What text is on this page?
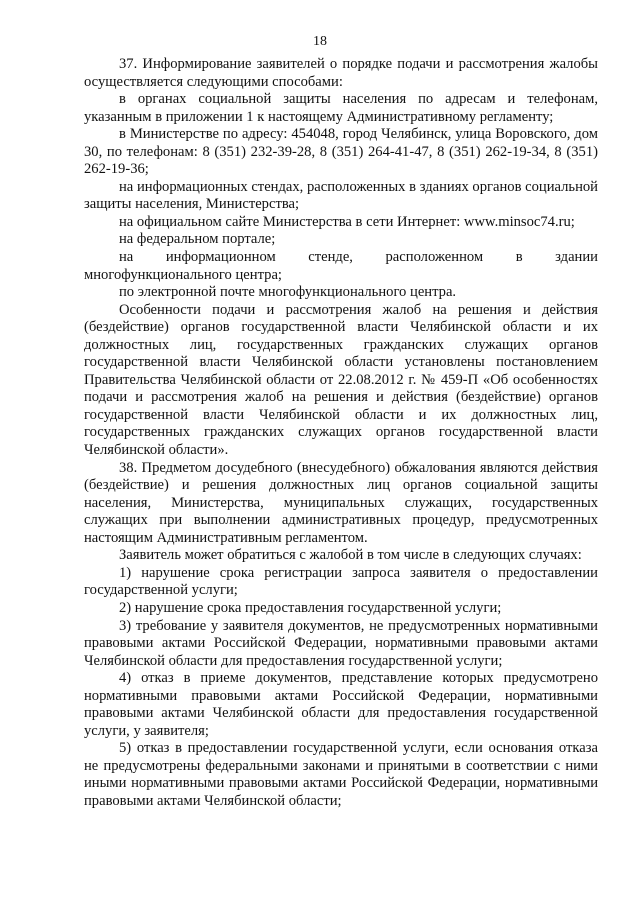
18

37. Информирование заявителей о порядке подачи и рассмотрения жалобы осуществляется следующими способами:

в органах социальной защиты населения по адресам и телефонам, указанным в приложении 1 к настоящему Административному регламенту;

в Министерстве по адресу: 454048, город Челябинск, улица Воровского, дом 30, по телефонам: 8 (351) 232-39-28, 8 (351) 264-41-47, 8 (351) 262-19-34, 8 (351) 262-19-36;

на информационных стендах, расположенных в зданиях органов социальной защиты населения, Министерства;

на официальном сайте Министерства в сети Интернет: www.minsoc74.ru;

на федеральном портале;

на информационном стенде, расположенном в здании многофункционального центра;

по электронной почте многофункционального центра.

Особенности подачи и рассмотрения жалоб на решения и действия (бездействие) органов государственной власти Челябинской области и их должностных лиц, государственных гражданских служащих органов государственной власти Челябинской области установлены постановлением Правительства Челябинской области от 22.08.2012 г. № 459-П «Об особенностях подачи и рассмотрения жалоб на решения и действия (бездействие) органов государственной власти Челябинской области и их должностных лиц, государственных гражданских служащих органов государственной власти Челябинской области».

38. Предметом досудебного (внесудебного) обжалования являются действия (бездействие) и решения должностных лиц органов социальной защиты населения, Министерства, муниципальных служащих, государственных служащих при выполнении административных процедур, предусмотренных настоящим Административным регламентом.

Заявитель может обратиться с жалобой в том числе в следующих случаях:

1) нарушение срока регистрации запроса заявителя о предоставлении государственной услуги;

2) нарушение срока предоставления государственной услуги;

3) требование у заявителя документов, не предусмотренных нормативными правовыми актами Российской Федерации, нормативными правовыми актами Челябинской области для предоставления государственной услуги;

4) отказ в приеме документов, представление которых предусмотрено нормативными правовыми актами Российской Федерации, нормативными правовыми актами Челябинской области для предоставления государственной услуги, у заявителя;

5) отказ в предоставлении государственной услуги, если основания отказа не предусмотрены федеральными законами и принятыми в соответствии с ними иными нормативными правовыми актами Российской Федерации, нормативными правовыми актами Челябинской области;
